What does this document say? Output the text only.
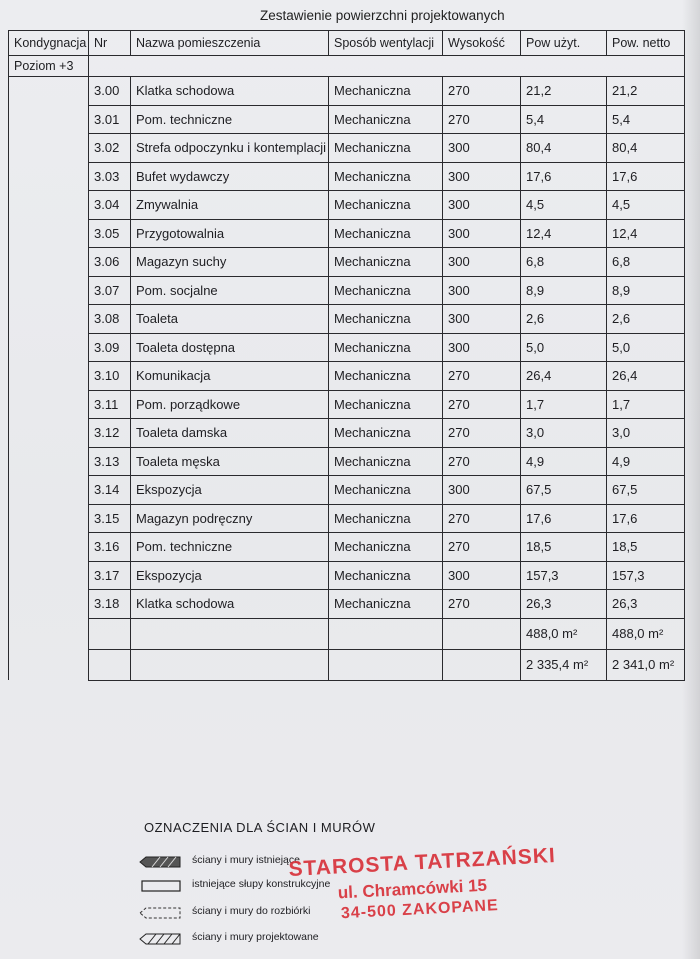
Zestawienie powierzchni projektowanych
Kondygnacja	Nr	Nazwa pomieszczenia	Sposób wentylacji	Wysokość	Pow użyt.	Pow. netto
Poziom +3						
	3.00	Klatka schodowa	Mechaniczna	270	21,2	21,2
	3.01	Pom. techniczne	Mechaniczna	270	5,4	5,4
	3.02	Strefa odpoczynku i kontemplacji	Mechaniczna	300	80,4	80,4
	3.03	Bufet wydawczy	Mechaniczna	300	17,6	17,6
	3.04	Zmywalnia	Mechaniczna	300	4,5	4,5
	3.05	Przygotowalnia	Mechaniczna	300	12,4	12,4
	3.06	Magazyn suchy	Mechaniczna	300	6,8	6,8
	3.07	Pom. socjalne	Mechaniczna	300	8,9	8,9
	3.08	Toaleta	Mechaniczna	300	2,6	2,6
	3.09	Toaleta dostępna	Mechaniczna	300	5,0	5,0
	3.10	Komunikacja	Mechaniczna	270	26,4	26,4
	3.11	Pom. porządkowe	Mechaniczna	270	1,7	1,7
	3.12	Toaleta damska	Mechaniczna	270	3,0	3,0
	3.13	Toaleta męska	Mechaniczna	270	4,9	4,9
	3.14	Ekspozycja	Mechaniczna	300	67,5	67,5
	3.15	Magazyn podręczny	Mechaniczna	270	17,6	17,6
	3.16	Pom. techniczne	Mechaniczna	270	18,5	18,5
	3.17	Ekspozycja	Mechaniczna	300	157,3	157,3
	3.18	Klatka schodowa	Mechaniczna	270	26,3	26,3
					488,0 m²	488,0 m²
					2 335,4 m²	2 341,0 m²
OZNACZENIA DLA ŚCIAN I MURÓW
ściany i mury istniejące
istniejące słupy konstrukcyjne
ściany i mury do rozbiórki
ściany i mury projektowane
STAROSTA TATRZAŃSKI
ul. Chramcówki 15
34-500 ZAKOPANE
